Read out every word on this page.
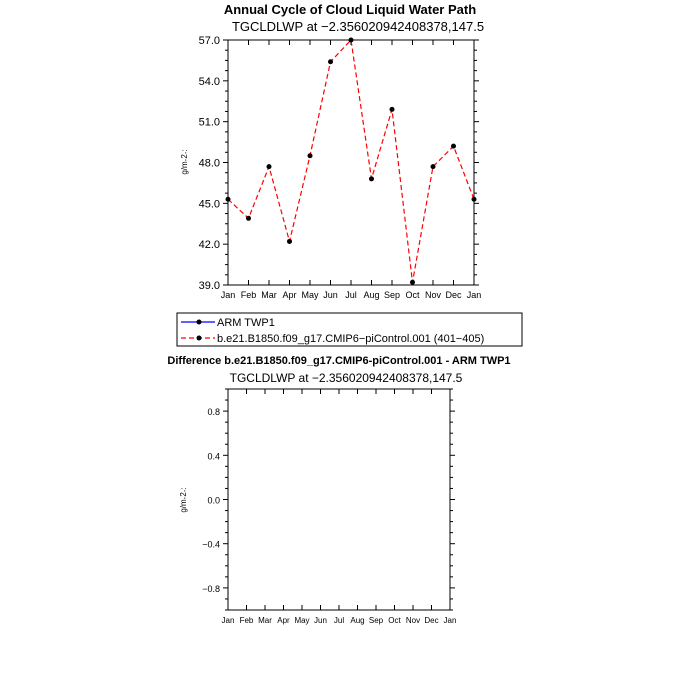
Annual Cycle of Cloud Liquid Water Path
TGCLDLWP at −2.356020942408378,147.5
g/m˖2˖:
39.0
42.0
45.0
48.0
51.0
54.0
57.0
Jan Feb Mar Apr May Jun Jul Aug Sep Oct Nov Dec Jan
ARM TWP1
b.e21.B1850.f09_g17.CMIP6−piControl.001 (401−405)
Difference b.e21.B1850.f09_g17.CMIP6-piControl.001 - ARM TWP1
TGCLDLWP at −2.356020942408378,147.5
g/m˖2˖:
−0.8
−0.4
0.0
0.4
0.8
Jan Feb Mar Apr May Jun Jul Aug Sep Oct Nov Dec Jan
